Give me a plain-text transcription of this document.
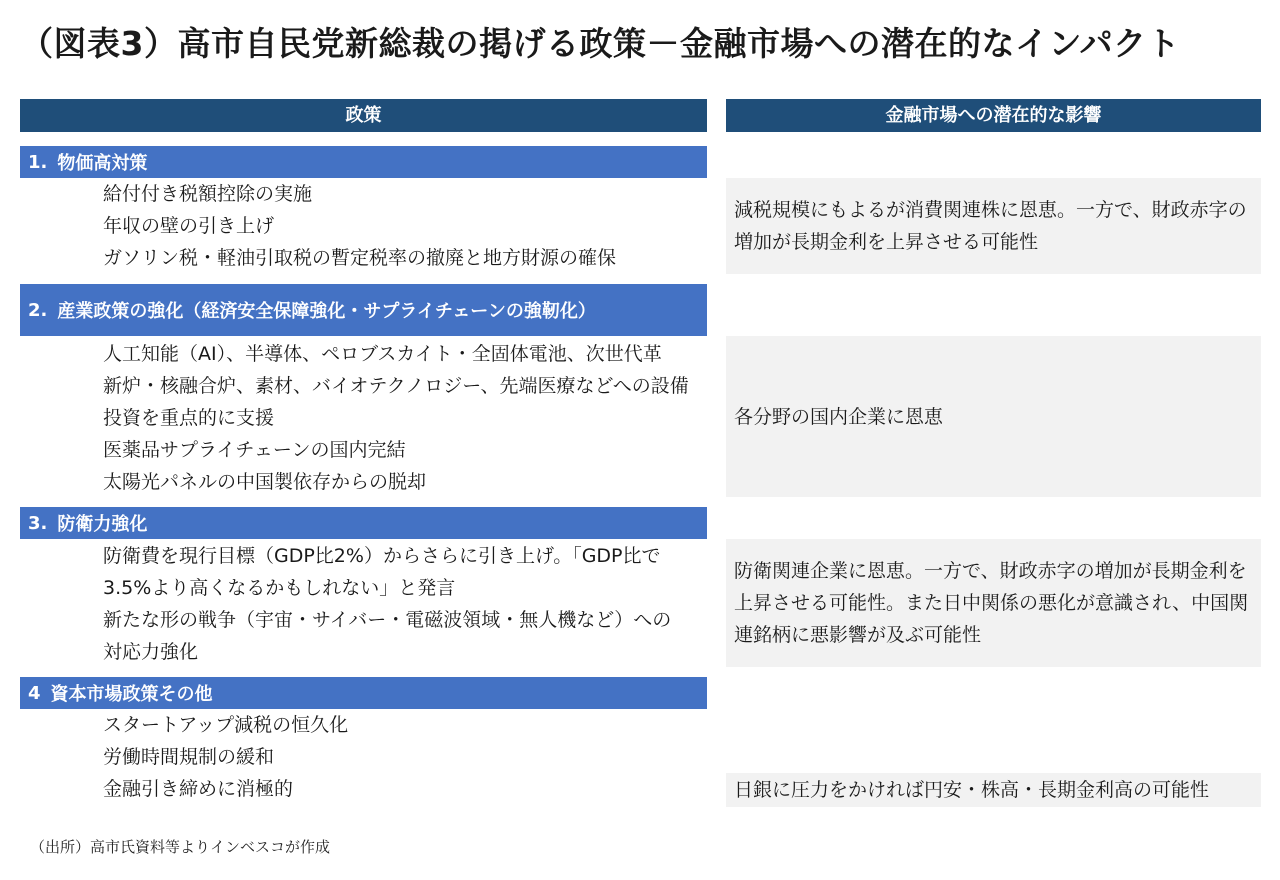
（図表3）高市自民党新総裁の掲げる政策－金融市場への潜在的なインパクト
政策	金融市場への潜在的な影響
1. 物価高対策
給付付き税額控除の実施
年収の壁の引き上げ
ガソリン税・軽油引取税の暫定税率の撤廃と地方財源の確保
減税規模にもよるが消費関連株に恩恵。一方で、財政赤字の増加が長期金利を上昇させる可能性
2. 産業政策の強化（経済安全保障強化・サプライチェーンの強靭化）
人工知能（AI）、半導体、ペロブスカイト・全固体電池、次世代革
新炉・核融合炉、素材、バイオテクノロジー、先端医療などへの設備
投資を重点的に支援
医薬品サプライチェーンの国内完結
太陽光パネルの中国製依存からの脱却
各分野の国内企業に恩恵
3. 防衛力強化
防衛費を現行目標（GDP比2%）からさらに引き上げ。「GDP比で
3.5%より高くなるかもしれない」と発言
新たな形の戦争（宇宙・サイバー・電磁波領域・無人機など）への
対応力強化
防衛関連企業に恩恵。一方で、財政赤字の増加が長期金利を上昇させる可能性。また日中関係の悪化が意識され、中国関連銘柄に悪影響が及ぶ可能性
4 資本市場政策その他
スタートアップ減税の恒久化
労働時間規制の緩和
金融引き締めに消極的	日銀に圧力をかければ円安・株高・長期金利高の可能性
（出所）高市氏資料等よりインベスコが作成
